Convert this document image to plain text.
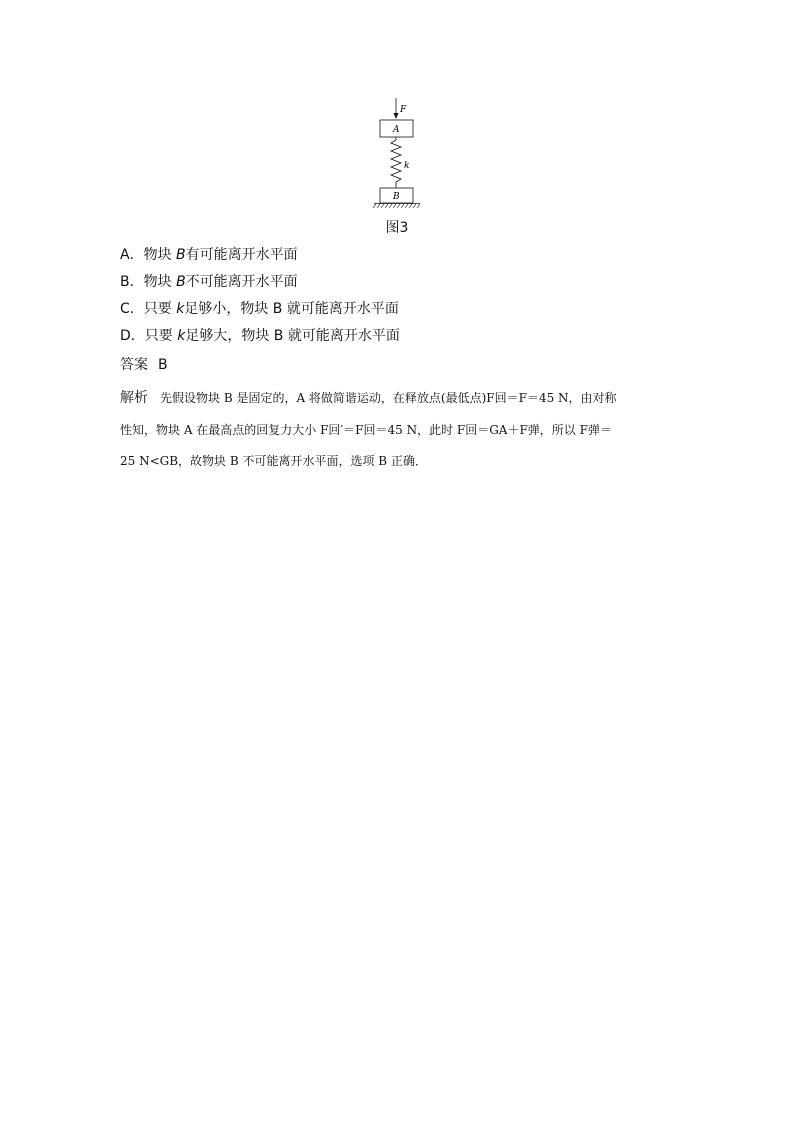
F
A
k
B
图3
A．物块 B有可能离开水平面
B．物块 B不可能离开水平面
C．只要 k足够小，物块 B 就可能离开水平面
D．只要 k足够大，物块 B 就可能离开水平面
答案 B
解析 先假设物块 B 是固定的，A 将做简谐运动，在释放点(最低点)F回＝F＝45 N，由对称
性知，物块 A 在最高点的回复力大小 F回′＝F回＝45 N，此时 F回＝GA＋F弹，所以 F弹＝
25 N<GB，故物块 B 不可能离开水平面，选项 B 正确．
